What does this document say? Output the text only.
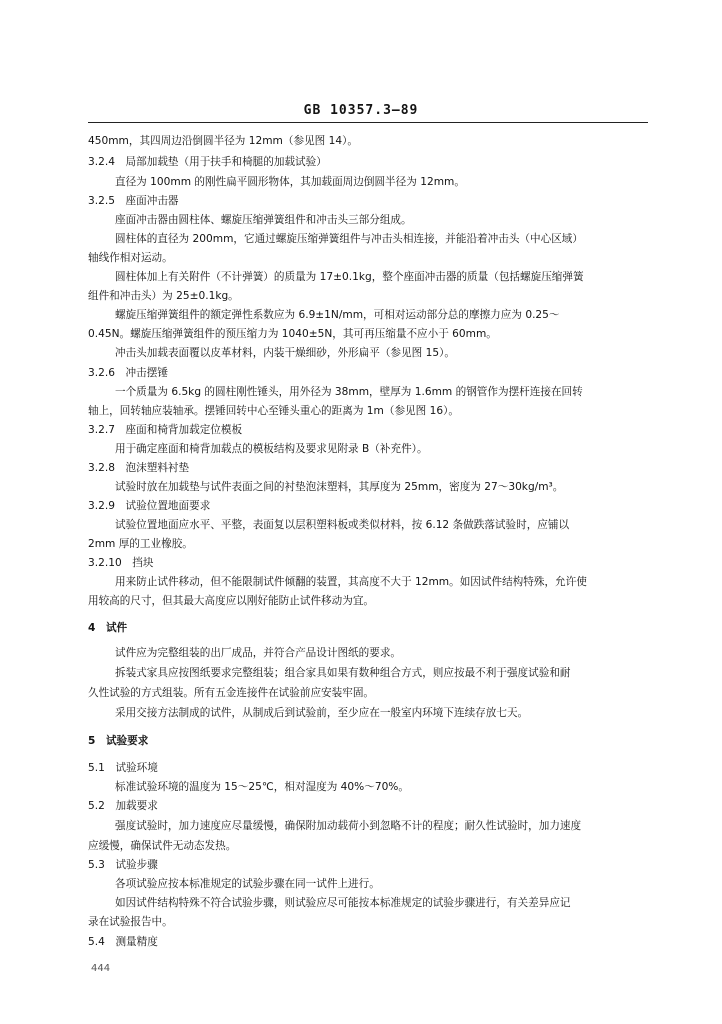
GB 10357.3—89
450mm，其四周边沿倒圆半径为 12mm（参见图 14）。
3.2.4　局部加载垫（用于扶手和椅腿的加载试验）
直径为 100mm 的刚性扁平圆形物体，其加载面周边倒圆半径为 12mm。
3.2.5　座面冲击器
座面冲击器由圆柱体、螺旋压缩弹簧组件和冲击头三部分组成。
圆柱体的直径为 200mm，它通过螺旋压缩弹簧组件与冲击头相连接，并能沿着冲击头（中心区域）
轴线作相对运动。
圆柱体加上有关附件（不计弹簧）的质量为 17±0.1kg，整个座面冲击器的质量（包括螺旋压缩弹簧
组件和冲击头）为 25±0.1kg。
螺旋压缩弹簧组件的额定弹性系数应为 6.9±1N/mm，可相对运动部分总的摩擦力应为 0.25～
0.45N。螺旋压缩弹簧组件的预压缩力为 1040±5N，其可再压缩量不应小于 60mm。
冲击头加载表面覆以皮革材料，内装干燥细砂，外形扁平（参见图 15）。
3.2.6　冲击摆锤
一个质量为 6.5kg 的圆柱刚性锤头，用外径为 38mm，壁厚为 1.6mm 的钢管作为摆杆连接在回转
轴上，回转轴应装轴承。摆锤回转中心至锤头重心的距离为 1m（参见图 16）。
3.2.7　座面和椅背加载定位模板
用于确定座面和椅背加载点的模板结构及要求见附录 B（补充件）。
3.2.8　泡沫塑料衬垫
试验时放在加载垫与试件表面之间的衬垫泡沫塑料，其厚度为 25mm，密度为 27～30kg/m³。
3.2.9　试验位置地面要求
试验位置地面应水平、平整，表面复以层积塑料板或类似材料，按 6.12 条做跌落试验时，应铺以
2mm 厚的工业橡胶。
3.2.10　挡块
用来防止试件移动，但不能限制试件倾翻的装置，其高度不大于 12mm。如因试件结构特殊，允许使
用较高的尺寸，但其最大高度应以刚好能防止试件移动为宜。
4　试件
试件应为完整组装的出厂成品，并符合产品设计图纸的要求。
拆装式家具应按图纸要求完整组装；组合家具如果有数种组合方式，则应按最不利于强度试验和耐
久性试验的方式组装。所有五金连接件在试验前应安装牢固。
采用交接方法制成的试件，从制成后到试验前，至少应在一般室内环境下连续存放七天。
5　试验要求
5.1　试验环境
标准试验环境的温度为 15～25℃，相对湿度为 40%～70%。
5.2　加载要求
强度试验时，加力速度应尽量缓慢，确保附加动载荷小到忽略不计的程度；耐久性试验时，加力速度
应缓慢，确保试件无动态发热。
5.3　试验步骤
各项试验应按本标准规定的试验步骤在同一试件上进行。
如因试件结构特殊不符合试验步骤，则试验应尽可能按本标准规定的试验步骤进行，有关差异应记
录在试验报告中。
5.4　测量精度
444
